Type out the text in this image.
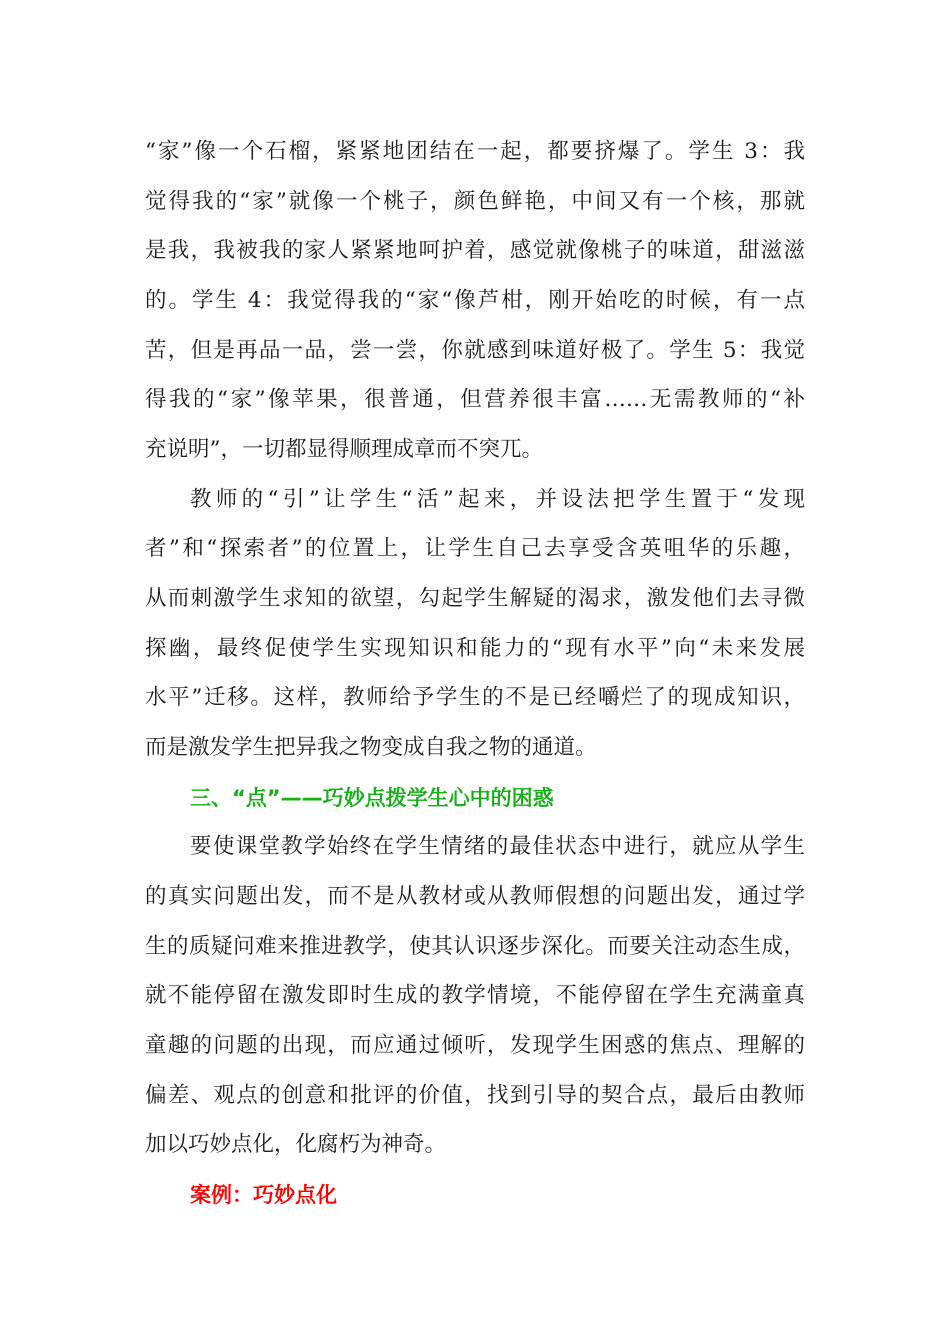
“家”像一个石榴，紧紧地团结在一起，都要挤爆了。学生 3：我
觉得我的“家”就像一个桃子，颜色鲜艳，中间又有一个核，那就
是我，我被我的家人紧紧地呵护着，感觉就像桃子的味道，甜滋滋
的。学生 4：我觉得我的“家“像芦柑，刚开始吃的时候，有一点
苦，但是再品一品，尝一尝，你就感到味道好极了。学生 5：我觉
得我的“家”像苹果，很普通，但营养很丰富……无需教师的“补
充说明”，一切都显得顺理成章而不突兀。
教师的“引”让学生“活”起来，并设法把学生置于“发现
者”和“探索者”的位置上，让学生自己去享受含英咀华的乐趣，
从而刺激学生求知的欲望，勾起学生解疑的渴求，激发他们去寻微
探幽，最终促使学生实现知识和能力的“现有水平”向“未来发展
水平”迁移。这样，教师给予学生的不是已经嚼烂了的现成知识，
而是激发学生把异我之物变成自我之物的通道。
三、“点”——巧妙点拨学生心中的困惑
要使课堂教学始终在学生情绪的最佳状态中进行，就应从学生
的真实问题出发，而不是从教材或从教师假想的问题出发，通过学
生的质疑问难来推进教学，使其认识逐步深化。而要关注动态生成，
就不能停留在激发即时生成的教学情境，不能停留在学生充满童真
童趣的问题的出现，而应通过倾听，发现学生困惑的焦点、理解的
偏差、观点的创意和批评的价值，找到引导的契合点，最后由教师
加以巧妙点化，化腐朽为神奇。
案例：巧妙点化
